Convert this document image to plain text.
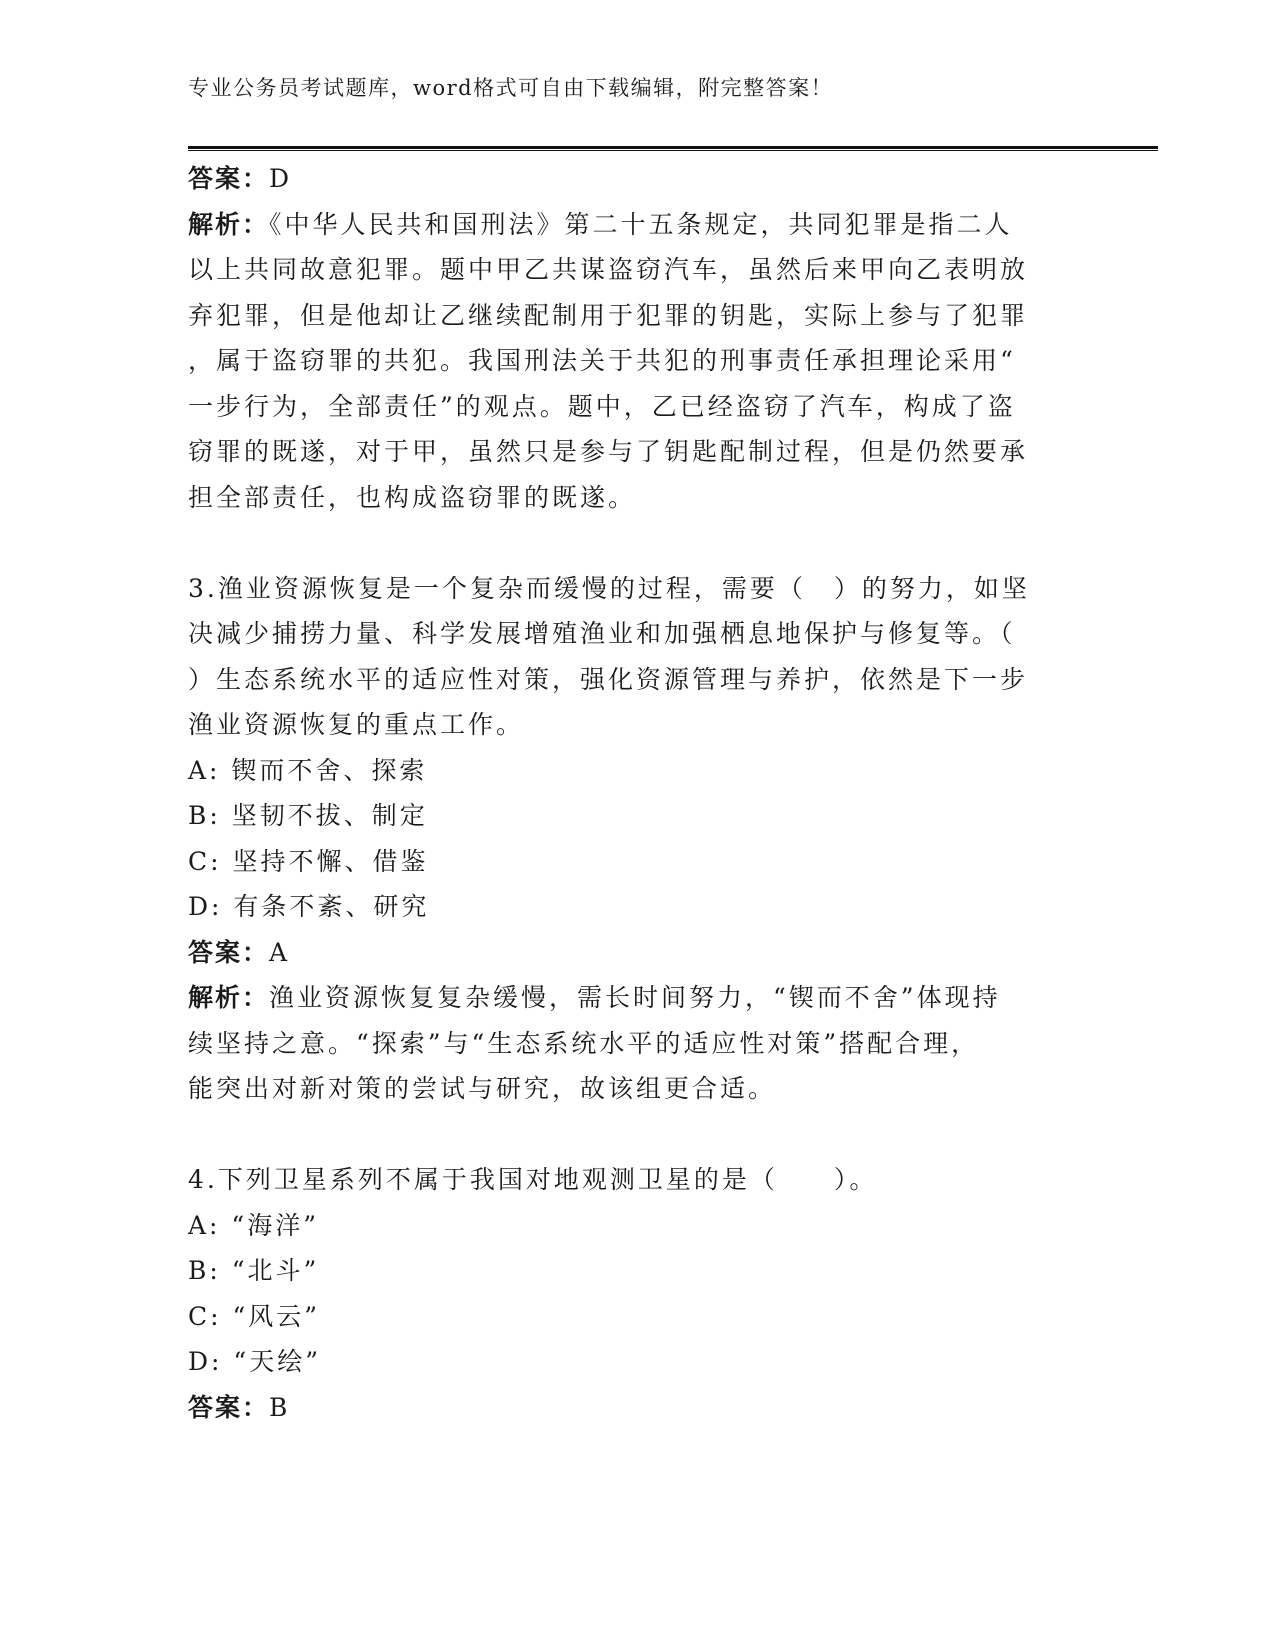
专业公务员考试题库，word格式可自由下载编辑，附完整答案！
答案：D
解析：《中华人民共和国刑法》第二十五条规定，共同犯罪是指二人
以上共同故意犯罪。题中甲乙共谋盗窃汽车，虽然后来甲向乙表明放
弃犯罪，但是他却让乙继续配制用于犯罪的钥匙，实际上参与了犯罪
，属于盗窃罪的共犯。我国刑法关于共犯的刑事责任承担理论采用“
一步行为，全部责任”的观点。题中，乙已经盗窃了汽车，构成了盗
窃罪的既遂，对于甲，虽然只是参与了钥匙配制过程，但是仍然要承
担全部责任，也构成盗窃罪的既遂。
3.渔业资源恢复是一个复杂而缓慢的过程，需要（　）的努力，如坚
决减少捕捞力量、科学发展增殖渔业和加强栖息地保护与修复等。（
）生态系统水平的适应性对策，强化资源管理与养护，依然是下一步
渔业资源恢复的重点工作。
A: 锲而不舍、探索
B: 坚韧不拔、制定
C: 坚持不懈、借鉴
D: 有条不紊、研究
答案：A
解析：渔业资源恢复复杂缓慢，需长时间努力，“锲而不舍”体现持
续坚持之意。“探索”与“生态系统水平的适应性对策”搭配合理，
能突出对新对策的尝试与研究，故该组更合适。
4.下列卫星系列不属于我国对地观测卫星的是（　　）。
A: “海洋”
B: “北斗”
C: “风云”
D: “天绘”
答案：B
